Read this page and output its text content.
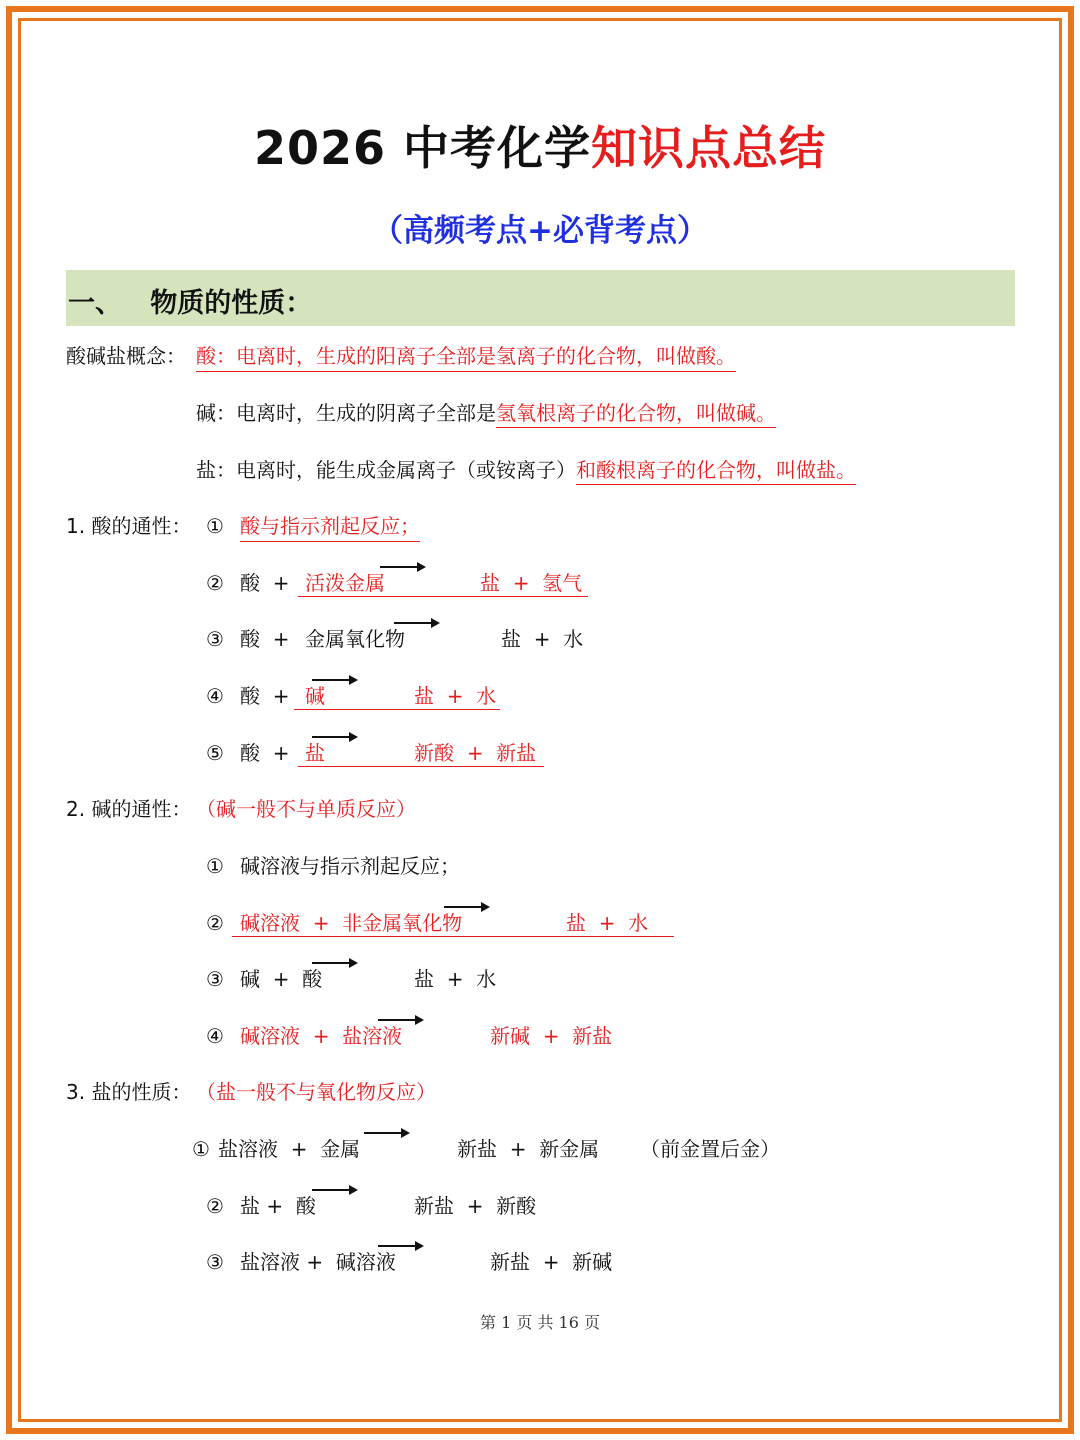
2026 中考化学知识点总结
（高频考点+必背考点）
一、   物质的性质：
酸碱盐概念： 酸：电离时，生成的阳离子全部是氢离子的化合物，叫做酸。
碱：电离时，生成的阴离子全部是氢氧根离子的化合物，叫做碱。
盐：电离时，能生成金属离子（或铵离子）和酸根离子的化合物，叫做盐。
1. 酸的通性： ① 酸与指示剂起反应；
② 酸  + 活泼金属	盐  +  氢气
③ 酸  + 金属氧化物	盐  +  水
④ 酸  + 碱	盐  +  水
⑤ 酸  + 盐	新酸  +  新盐
2. 碱的通性： （碱一般不与单质反应）
① 碱溶液与指示剂起反应；
② 碱溶液  +  非金属氧化物	盐  +  水
③ 碱  +  酸	盐  +  水
④ 碱溶液  +  盐溶液	新碱  +  新盐
3. 盐的性质： （盐一般不与氧化物反应）
① 盐溶液  +  金属	新盐  +  新金属 （前金置后金）
② 盐 +  酸	新盐  +  新酸
③ 盐溶液 +  碱溶液	新盐  +  新碱
第 1 页 共 16 页
